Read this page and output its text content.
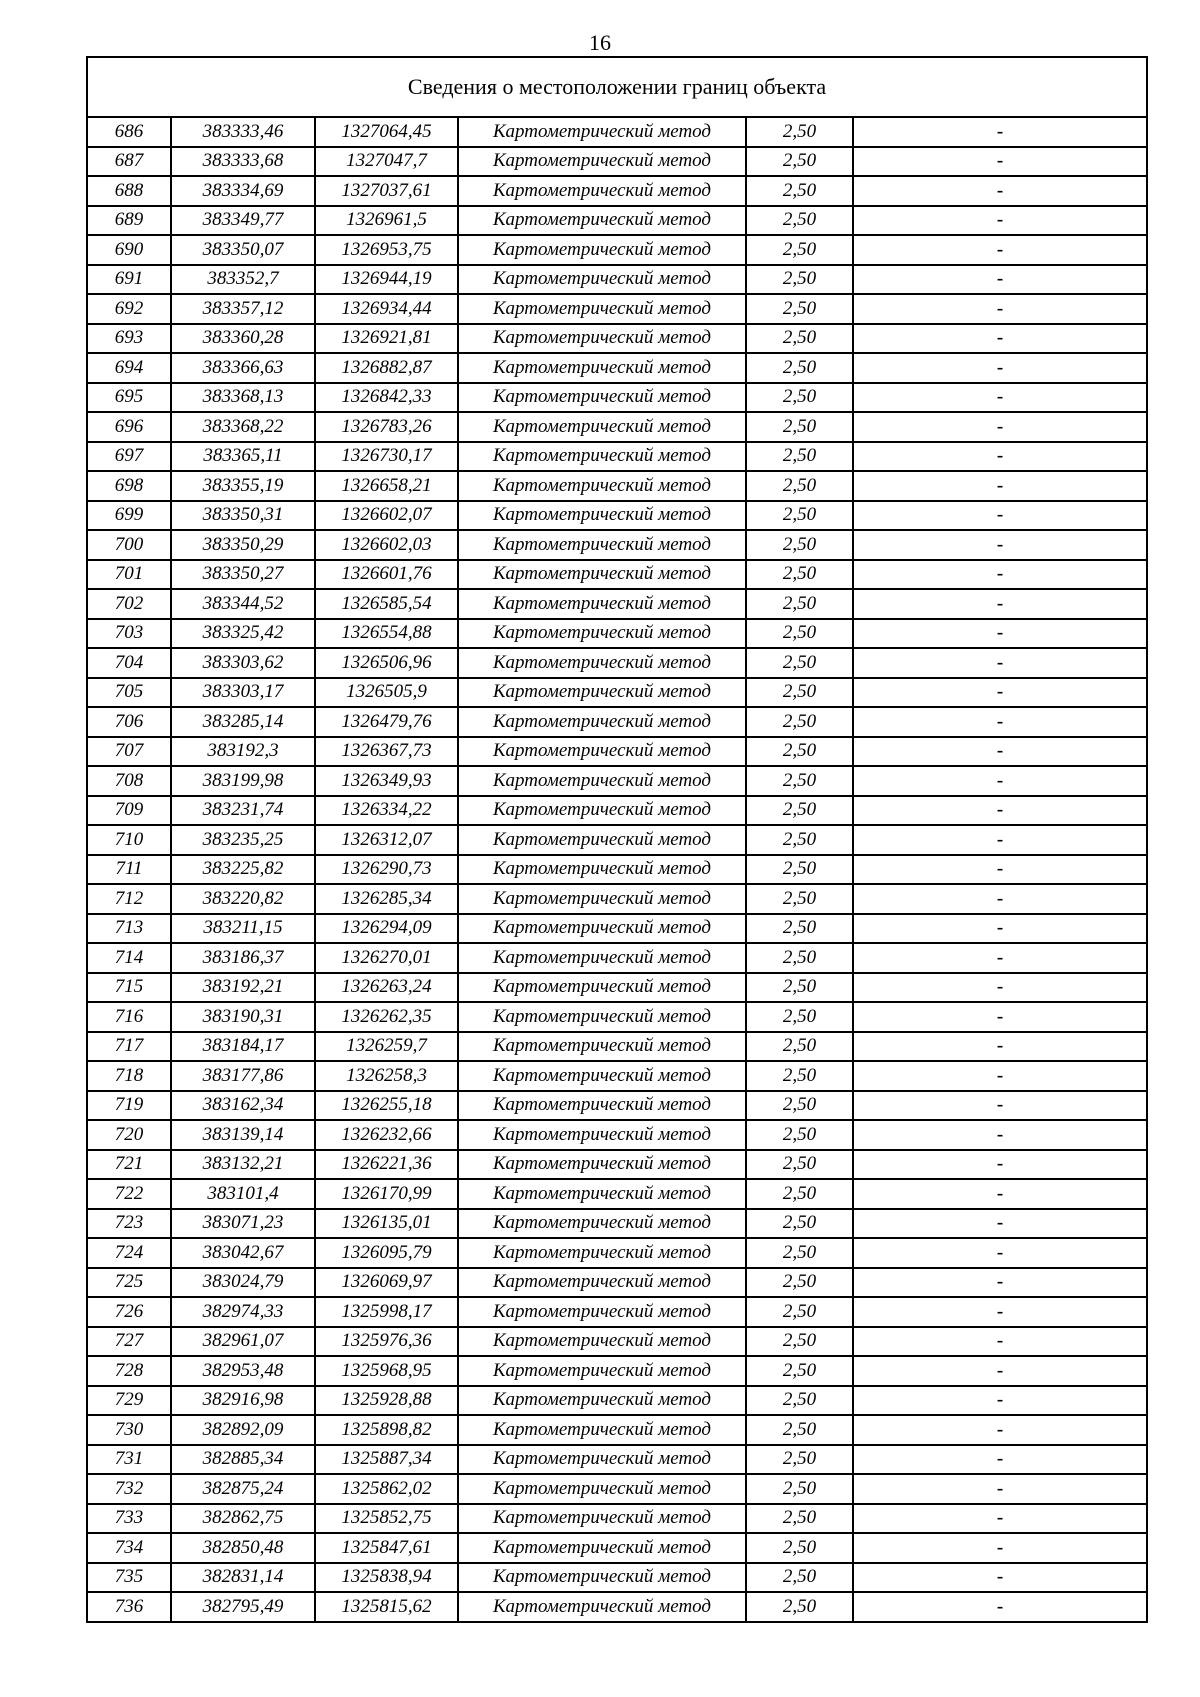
16
Сведения о местоположении границ объекта					
686	383333,46	1327064,45	Картометрический метод	2,50	-
687	383333,68	1327047,7	Картометрический метод	2,50	-
688	383334,69	1327037,61	Картометрический метод	2,50	-
689	383349,77	1326961,5	Картометрический метод	2,50	-
690	383350,07	1326953,75	Картометрический метод	2,50	-
691	383352,7	1326944,19	Картометрический метод	2,50	-
692	383357,12	1326934,44	Картометрический метод	2,50	-
693	383360,28	1326921,81	Картометрический метод	2,50	-
694	383366,63	1326882,87	Картометрический метод	2,50	-
695	383368,13	1326842,33	Картометрический метод	2,50	-
696	383368,22	1326783,26	Картометрический метод	2,50	-
697	383365,11	1326730,17	Картометрический метод	2,50	-
698	383355,19	1326658,21	Картометрический метод	2,50	-
699	383350,31	1326602,07	Картометрический метод	2,50	-
700	383350,29	1326602,03	Картометрический метод	2,50	-
701	383350,27	1326601,76	Картометрический метод	2,50	-
702	383344,52	1326585,54	Картометрический метод	2,50	-
703	383325,42	1326554,88	Картометрический метод	2,50	-
704	383303,62	1326506,96	Картометрический метод	2,50	-
705	383303,17	1326505,9	Картометрический метод	2,50	-
706	383285,14	1326479,76	Картометрический метод	2,50	-
707	383192,3	1326367,73	Картометрический метод	2,50	-
708	383199,98	1326349,93	Картометрический метод	2,50	-
709	383231,74	1326334,22	Картометрический метод	2,50	-
710	383235,25	1326312,07	Картометрический метод	2,50	-
711	383225,82	1326290,73	Картометрический метод	2,50	-
712	383220,82	1326285,34	Картометрический метод	2,50	-
713	383211,15	1326294,09	Картометрический метод	2,50	-
714	383186,37	1326270,01	Картометрический метод	2,50	-
715	383192,21	1326263,24	Картометрический метод	2,50	-
716	383190,31	1326262,35	Картометрический метод	2,50	-
717	383184,17	1326259,7	Картометрический метод	2,50	-
718	383177,86	1326258,3	Картометрический метод	2,50	-
719	383162,34	1326255,18	Картометрический метод	2,50	-
720	383139,14	1326232,66	Картометрический метод	2,50	-
721	383132,21	1326221,36	Картометрический метод	2,50	-
722	383101,4	1326170,99	Картометрический метод	2,50	-
723	383071,23	1326135,01	Картометрический метод	2,50	-
724	383042,67	1326095,79	Картометрический метод	2,50	-
725	383024,79	1326069,97	Картометрический метод	2,50	-
726	382974,33	1325998,17	Картометрический метод	2,50	-
727	382961,07	1325976,36	Картометрический метод	2,50	-
728	382953,48	1325968,95	Картометрический метод	2,50	-
729	382916,98	1325928,88	Картометрический метод	2,50	-
730	382892,09	1325898,82	Картометрический метод	2,50	-
731	382885,34	1325887,34	Картометрический метод	2,50	-
732	382875,24	1325862,02	Картометрический метод	2,50	-
733	382862,75	1325852,75	Картометрический метод	2,50	-
734	382850,48	1325847,61	Картометрический метод	2,50	-
735	382831,14	1325838,94	Картометрический метод	2,50	-
736	382795,49	1325815,62	Картометрический метод	2,50	-
